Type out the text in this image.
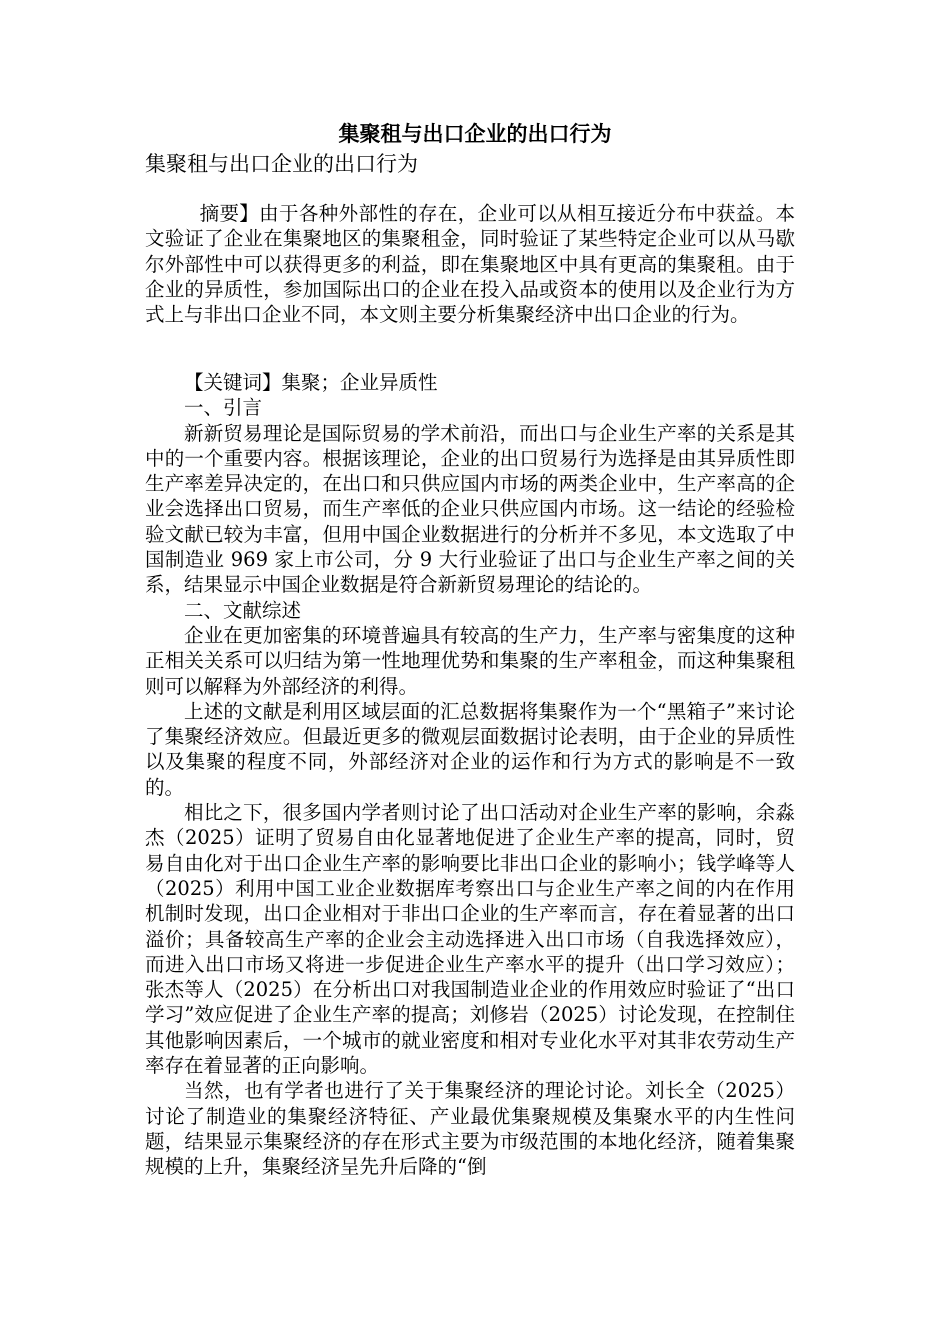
集聚租与出口企业的出口行为
集聚租与出口企业的出口行为

摘要】由于各种外部性的存在，企业可以从相互接近分布中获益。本文验证了企业在集聚地区的集聚租金，同时验证了某些特定企业可以从马歇尔外部性中可以获得更多的利益，即在集聚地区中具有更高的集聚租。由于企业的异质性，参加国际出口的企业在投入品或资本的使用以及企业行为方式上与非出口企业不同，本文则主要分析集聚经济中出口企业的行为。

【关键词】集聚；企业异质性

一、引言

新新贸易理论是国际贸易的学术前沿，而出口与企业生产率的关系是其中的一个重要内容。根据该理论，企业的出口贸易行为选择是由其异质性即生产率差异决定的，在出口和只供应国内市场的两类企业中，生产率高的企业会选择出口贸易，而生产率低的企业只供应国内市场。这一结论的经验检验文献已较为丰富，但用中国企业数据进行的分析并不多见，本文选取了中国制造业 969 家上市公司，分 9 大行业验证了出口与企业生产率之间的关系，结果显示中国企业数据是符合新新贸易理论的结论的。

二、文献综述

企业在更加密集的环境普遍具有较高的生产力，生产率与密集度的这种正相关关系可以归结为第一性地理优势和集聚的生产率租金，而这种集聚租则可以解释为外部经济的利得。

上述的文献是利用区域层面的汇总数据将集聚作为一个“黑箱子”来讨论了集聚经济效应。但最近更多的微观层面数据讨论表明，由于企业的异质性以及集聚的程度不同，外部经济对企业的运作和行为方式的影响是不一致的。

相比之下，很多国内学者则讨论了出口活动对企业生产率的影响，余淼杰（2025）证明了贸易自由化显著地促进了企业生产率的提高，同时，贸易自由化对于出口企业生产率的影响要比非出口企业的影响小；钱学峰等人（2025）利用中国工业企业数据库考察出口与企业生产率之间的内在作用机制时发现，出口企业相对于非出口企业的生产率而言，存在着显著的出口溢价；具备较高生产率的企业会主动选择进入出口市场（自我选择效应），而进入出口市场又将进一步促进企业生产率水平的提升（出口学习效应）；张杰等人（2025）在分析出口对我国制造业企业的作用效应时验证了“出口学习”效应促进了企业生产率的提高；刘修岩（2025）讨论发现，在控制住其他影响因素后，一个城市的就业密度和相对专业化水平对其非农劳动生产率存在着显著的正向影响。

当然，也有学者也进行了关于集聚经济的理论讨论。刘长全（2025）讨论了制造业的集聚经济特征、产业最优集聚规模及集聚水平的内生性问题，结果显示集聚经济的存在形式主要为市级范围的本地化经济，随着集聚规模的上升，集聚经济呈先升后降的“倒
